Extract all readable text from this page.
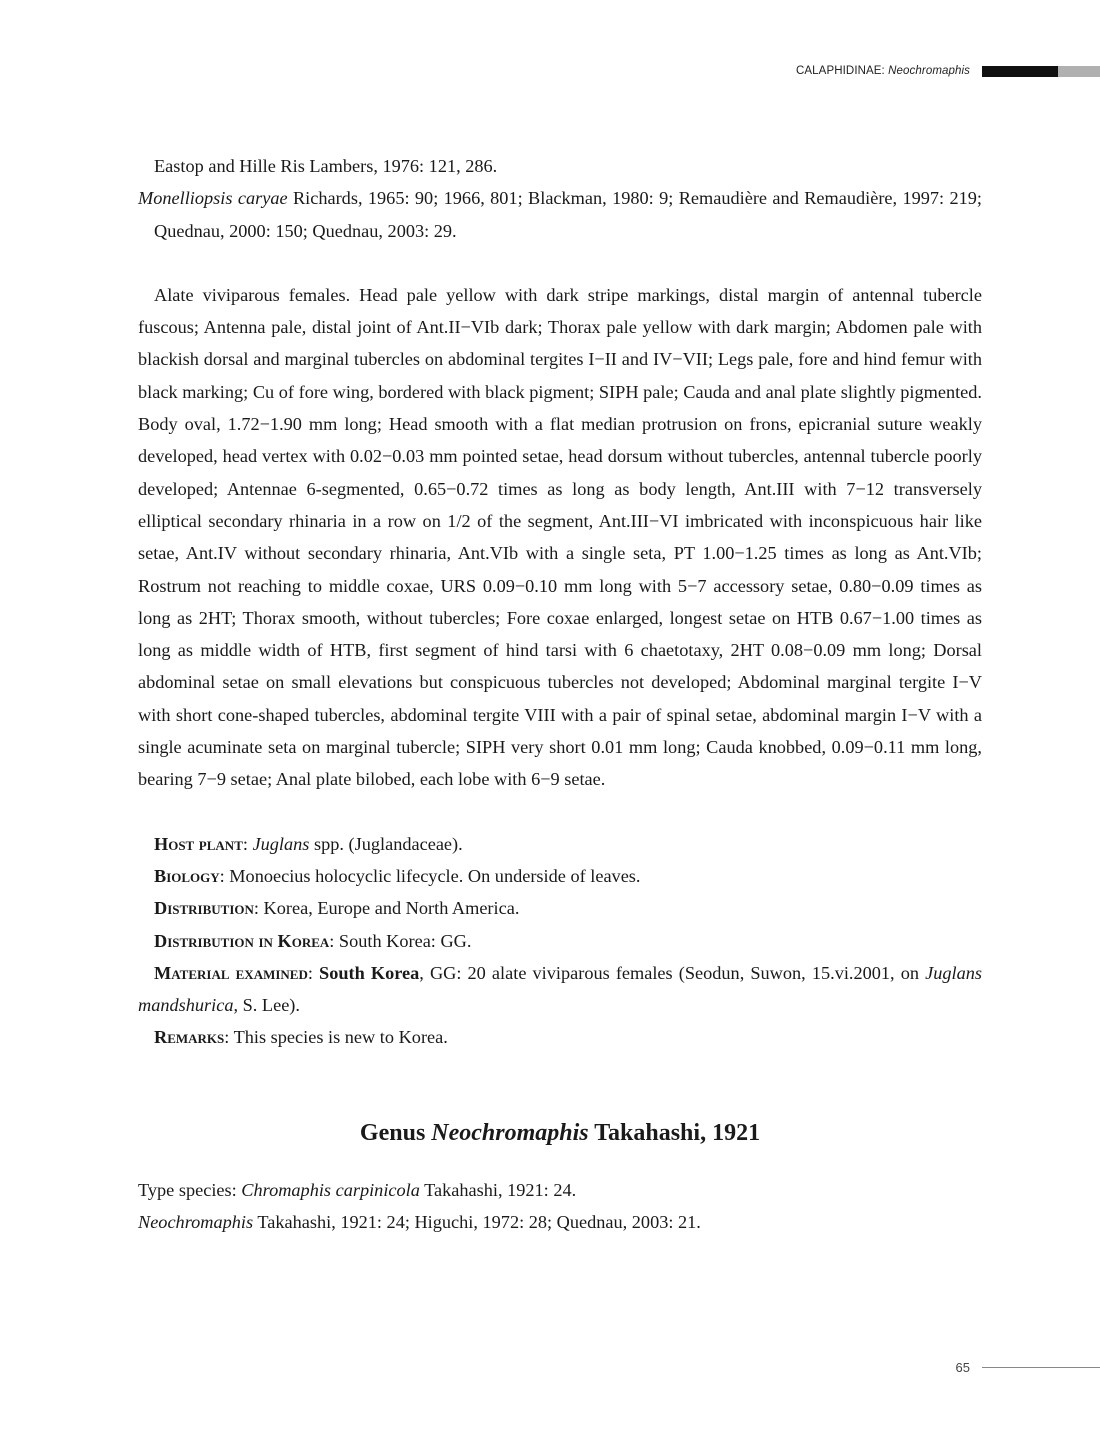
CALAPHIDINAE: Neochromaphis

Eastop and Hille Ris Lambers, 1976: 121, 286.

Monelliopsis caryae Richards, 1965: 90; 1966, 801; Blackman, 1980: 9; Remaudière and Remaudière, 1997: 219; Quednau, 2000: 150; Quednau, 2003: 29.

Alate viviparous females. Head pale yellow with dark stripe markings, distal margin of antennal tubercle fuscous; Antenna pale, distal joint of Ant.II−VIb dark; Thorax pale yellow with dark margin; Abdomen pale with blackish dorsal and marginal tubercles on abdominal tergites I−II and IV−VII; Legs pale, fore and hind femur with black marking; Cu of fore wing, bordered with black pigment; SIPH pale; Cauda and anal plate slightly pigmented. Body oval, 1.72−1.90 mm long; Head smooth with a flat median protrusion on frons, epicranial suture weakly developed, head vertex with 0.02−0.03 mm pointed setae, head dorsum without tubercles, antennal tubercle poorly developed; Antennae 6-segmented, 0.65−0.72 times as long as body length, Ant.III with 7−12 transversely elliptical secondary rhinaria in a row on 1/2 of the segment, Ant.III−VI imbricated with inconspicuous hair like setae, Ant.IV without secondary rhinaria, Ant.VIb with a single seta, PT 1.00−1.25 times as long as Ant.VIb; Rostrum not reaching to middle coxae, URS 0.09−0.10 mm long with 5−7 accessory setae, 0.80−0.09 times as long as 2HT; Thorax smooth, without tubercles; Fore coxae enlarged, longest setae on HTB 0.67−1.00 times as long as middle width of HTB, first segment of hind tarsi with 6 chaetotaxy, 2HT 0.08−0.09 mm long; Dorsal abdominal setae on small elevations but conspicuous tubercles not developed; Abdominal marginal tergite I−V with short cone-shaped tubercles, abdominal tergite VIII with a pair of spinal setae, abdominal margin I−V with a single acuminate seta on marginal tubercle; SIPH very short 0.01 mm long; Cauda knobbed, 0.09−0.11 mm long, bearing 7−9 setae; Anal plate bilobed, each lobe with 6−9 setae.

Host plant: Juglans spp. (Juglandaceae).

Biology: Monoecius holocyclic lifecycle. On underside of leaves.

Distribution: Korea, Europe and North America.

Distribution in Korea: South Korea: GG.

Material examined: South Korea, GG: 20 alate viviparous females (Seodun, Suwon, 15.vi.2001, on Juglans mandshurica, S. Lee).

Remarks: This species is new to Korea.

Genus Neochromaphis Takahashi, 1921

Type species: Chromaphis carpinicola Takahashi, 1921: 24.

Neochromaphis Takahashi, 1921: 24; Higuchi, 1972: 28; Quednau, 2003: 21.

65
